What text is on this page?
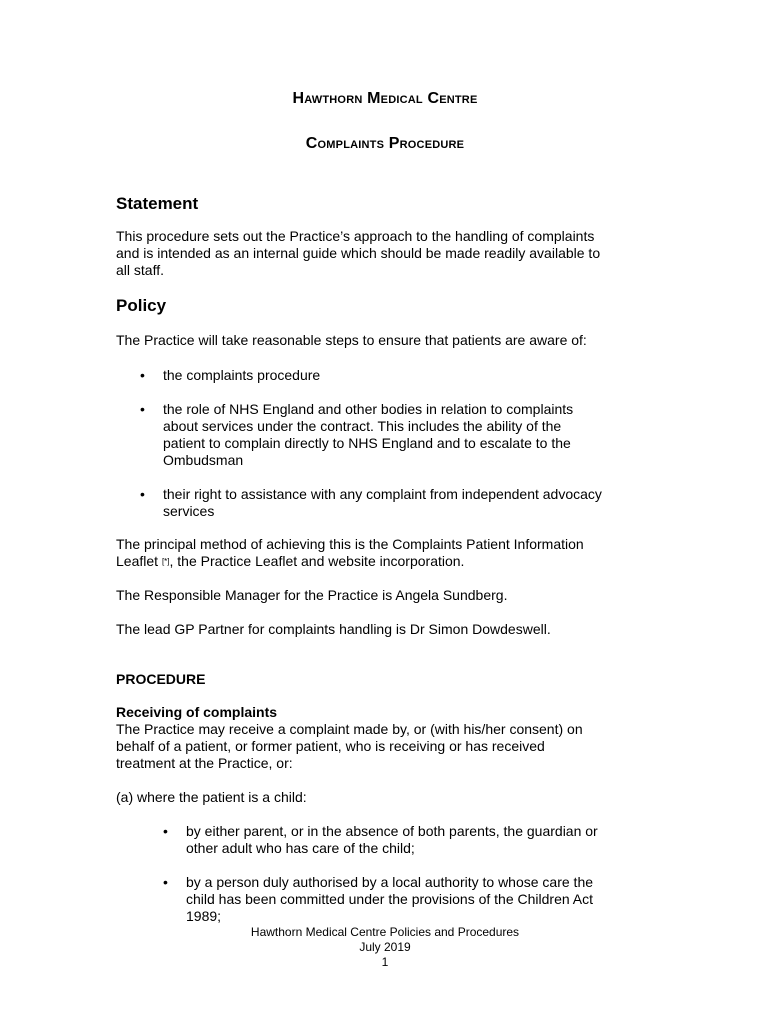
Hawthorn Medical Centre
Complaints Procedure
Statement
This procedure sets out the Practice’s approach to the handling of complaints
and is intended as an internal guide which should be made readily available to
all staff.
Policy
The Practice will take reasonable steps to ensure that patients are aware of:
• the complaints procedure
• the role of NHS England and other bodies in relation to complaints
about services under the contract. This includes the ability of the
patient to complain directly to NHS England and to escalate to the
Ombudsman
• their right to assistance with any complaint from independent advocacy
services
The principal method of achieving this is the Complaints Patient Information
Leaflet [*], the Practice Leaflet and website incorporation.
The Responsible Manager for the Practice is Angela Sundberg.
The lead GP Partner for complaints handling is Dr Simon Dowdeswell.
PROCEDURE
Receiving of complaints
The Practice may receive a complaint made by, or (with his/her consent) on
behalf of a patient, or former patient, who is receiving or has received
treatment at the Practice, or:
(a) where the patient is a child:
• by either parent, or in the absence of both parents, the guardian or
other adult who has care of the child;
• by a person duly authorised by a local authority to whose care the
child has been committed under the provisions of the Children Act
1989;
Hawthorn Medical Centre Policies and Procedures
July 2019
1
